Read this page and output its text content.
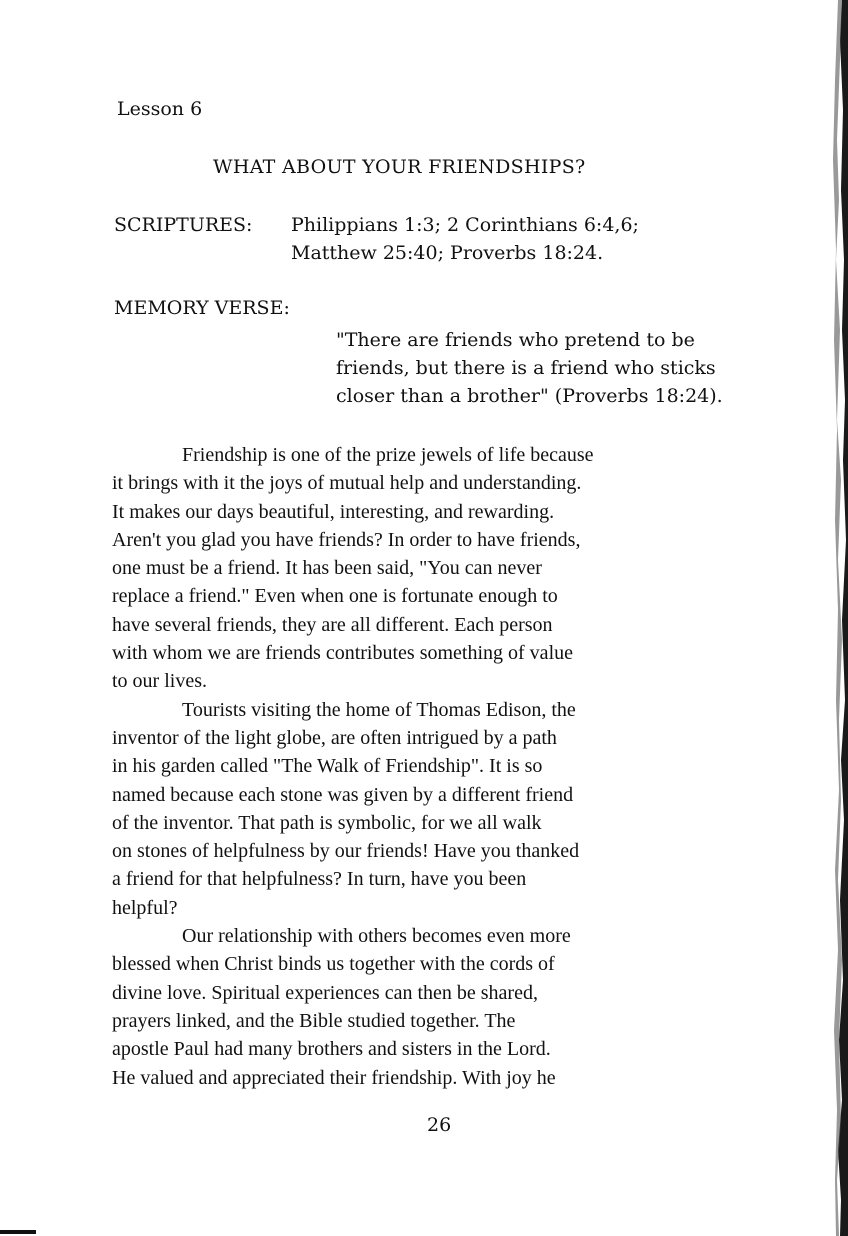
Lesson 6
WHAT ABOUT YOUR FRIENDSHIPS?
SCRIPTURES: Philippians 1:3; 2 Corinthians 6:4,6;
Matthew 25:40; Proverbs 18:24.
MEMORY VERSE:
"There are friends who pretend to be
friends, but there is a friend who sticks
closer than a brother" (Proverbs 18:24).
Friendship is one of the prize jewels of life because
it brings with it the joys of mutual help and understanding.
It makes our days beautiful, interesting, and rewarding.
Aren't you glad you have friends? In order to have friends,
one must be a friend. It has been said, "You can never
replace a friend." Even when one is fortunate enough to
have several friends, they are all different. Each person
with whom we are friends contributes something of value
to our lives.
Tourists visiting the home of Thomas Edison, the
inventor of the light globe, are often intrigued by a path
in his garden called "The Walk of Friendship". It is so
named because each stone was given by a different friend
of the inventor. That path is symbolic, for we all walk
on stones of helpfulness by our friends! Have you thanked
a friend for that helpfulness? In turn, have you been
helpful?
Our relationship with others becomes even more
blessed when Christ binds us together with the cords of
divine love. Spiritual experiences can then be shared,
prayers linked, and the Bible studied together. The
apostle Paul had many brothers and sisters in the Lord.
He valued and appreciated their friendship. With joy he
26
